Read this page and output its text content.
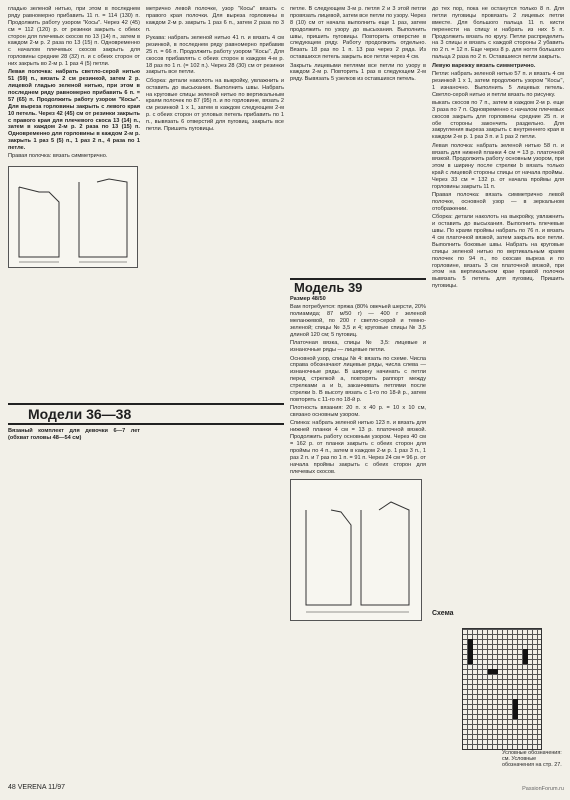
гладью зеленой нитью, при этом в последнем ряду равномерно прибавить 11 п. = 114 (130) п. Продолжить работу узором "Косы". Через 42 (45) см = 112 (120) р. от резинки закрыть с обеих сторон для плечевых скосов по 13 (14) п., затем в каждом 2-м р. 2 раза по 13 (15) п. Одновременно с началом плечевых скосов закрыть для горловины средние 28 (32) п. и с обеих сторон от них закрыть во 2-м р. 1 раз 4 (5) петли.

Левая полочка: набрать светло-серой нитью 51 (59) п., вязать 2 см резинкой, затем 2 р. лицевой гладью зеленой нитью, при этом в последнем ряду равномерно прибавить 6 п. = 57 (65) п. Продолжить работу узором "Косы". Для выреза горловины закрыть с левого края 10 петель. Через 42 (45) см от резинки закрыть с правого края для плечевого скоса 13 (14) п., затем в каждом 2-м р. 2 раза по 13 (15) п. Одновременно для горловины в каждом 2-м р. закрыть 1 раз 5 (5) п., 1 раз 2 п., 4 раза по 1 петле.

Правая полочка: вязать симметрично.

Модели 36—38

Вязаный комплект для девочки 6—7 лет (обхват головы 48—54 см)

метрично левой полочке, узор "Косы" вязать с правого края полочки. Для выреза горловины в каждом 2-м р. закрыть 1 раз 6 п., затем 2 раза по 3 п.

Рукава: набрать зеленой нитью 41 п. и вязать 4 см резинкой, в последнем ряду равномерно прибавив 25 п. = 66 п. Продолжить работу узором "Косы". Для скосов прибавлять с обеих сторон в каждом 4-м р. 18 раз по 1 п. (= 102 п.). Через 28 (30) см от резинки закрыть все петли.

Сборка: детали наколоть на выкройку, увлажнить и оставить до высыхания. Выполнить швы. Набрать на круговые спицы зеленой нитью по вертикальным краям полочек по 87 (95) п. и по горловине, вязать 2 см резинкой 1 х 1, затем в каждом следующем 2-м р. с обеих сторон от угловых петель прибавить по 1 п., вывязать 6 отверстий для пуговиц, закрыть все петли. Пришить пуговицы.

петле. В следующем 3-м р. петля 2 и 3 этой петли провязать лицевой, затем все петли по узору. Через 8 (10) см от начала выполнить еще 1 раз, затем продолжить по узору до высыхания. Выполнить швы, пришить пуговицы. Повторить отверстие в следующем ряду. Работу продолжить отдельно. Вязать 18 раз по 1 п. 13 раз через 2 ряда. Из оставшихся петель закрыть все петли через 4 см.

Закрыть лицевыми петлями все петли по узору в каждом 2-м р. Повторить 1 раз в следующем 2-м ряду. Вывязать 5 узелков из оставшихся петель.

Модель 39

Размер 48/50

Вам потребуется: пряжа (80% овечьей шерсти, 20% полиамида; 87 м/50 г) — 400 г зеленой меланжевой, по 200 г светло-серой и темно-зеленой; спицы № 3,5 и 4; круговые спицы № 3,5 длиной 120 см; 5 пуговиц.

Платочная вязка, спицы № 3,5: лицевые и изнаночные ряды — лицевые петли.

Основной узор, спицы № 4: вязать по схеме. Числа справа обозначают лицевые ряды, числа слева — изнаночные ряды. В ширину начинать с петли перед стрелкой а, повторять раппорт между стрелками а и b, заканчивать петлями после стрелки b. В высоту вязать с 1-го по 18-й р., затем повторять с 11-го по 18-й р.

Плотность вязания: 20 п. х 40 р. = 10 х 10 см, связано основным узором.

Спинка: набрать зеленой нитью 123 п. и вязать для нижней планки 4 см = 13 р. платочной вязкой. Продолжить работу основным узором. Через 40 см = 162 р. от планки закрыть с обеих сторон для проймы по 4 п., затем в каждом 2-м р. 1 раз 3 п., 1 раз 2 п. и 7 раз по 1 п. = 91 п. Через 24 см = 96 р. от начала проймы закрыть с обеих сторон для плечевых скосов.

до тех пор, пока не останутся только 8 п. Для петли пуговицы провязать 2 лицевых петли вместе. Для большого пальца 11 п. кисти перенести на спицу и набрать из них 5 п. Продолжить вязать по кругу. Петли распределить на 3 спицы и вязать с каждой стороны 2 убавить по 2 п. = 12 п. Еще через 8 р. для ногтя большого пальца 2 раза по 2 п. Оставшиеся петли закрыть.

Левую варежку вязать симметрично.

Петли: набрать зеленой нитью 57 п. и вязать 4 см резинкой 1 х 1, затем продолжить узором "Косы", 1 изнаночно. Выполнить 5 лицевых петель. Светло-серой нитью и петли вязать по рисунку.

выкать скосов по 7 п., затем в каждом 2-м р. еще 3 раза по 7 п. Одновременно с началом плечевых скосов закрыть для горловины средние 25 п. и обе стороны закончить раздельно. Для закругления выреза закрыть с внутреннего края в каждом 2-м р. 1 раз 3 п. и 1 раз 2 петли.

Левая полочка: набрать зеленой нитью 58 п. и вязать для нижней планки 4 см = 13 р. платочной вязкой. Продолжить работу основным узором, при этом в ширину после стрелки b вязать только край с лицевой стороны спицы от начала проймы. Через 33 см = 132 р. от начала проймы для горловины закрыть 11 п.

Правая полочка: вязать симметрично левой полочке, основной узор — в зеркальном отображении.

Сборка: детали наколоть на выкройку, увлажнить и оставить до высыхания. Выполнить плечевые швы. По краям проймы набрать по 76 п. и вязать 4 см платочной вязкой, затем закрыть все петли. Выполнить боковые швы. Набрать на круговые спицы зеленой нитью по вертикальным краям полочек по 94 п., по скосам выреза и по горловине, вязать 3 см платочной вязкой, при этом на вертикальном крае правой полочки вывязать 5 петель для пуговиц. Пришить пуговицы.

Схема
Условные обозначения: см. Условные обозначения на стр. 27.
48 VERENA 11/97	PassionForum.ru
